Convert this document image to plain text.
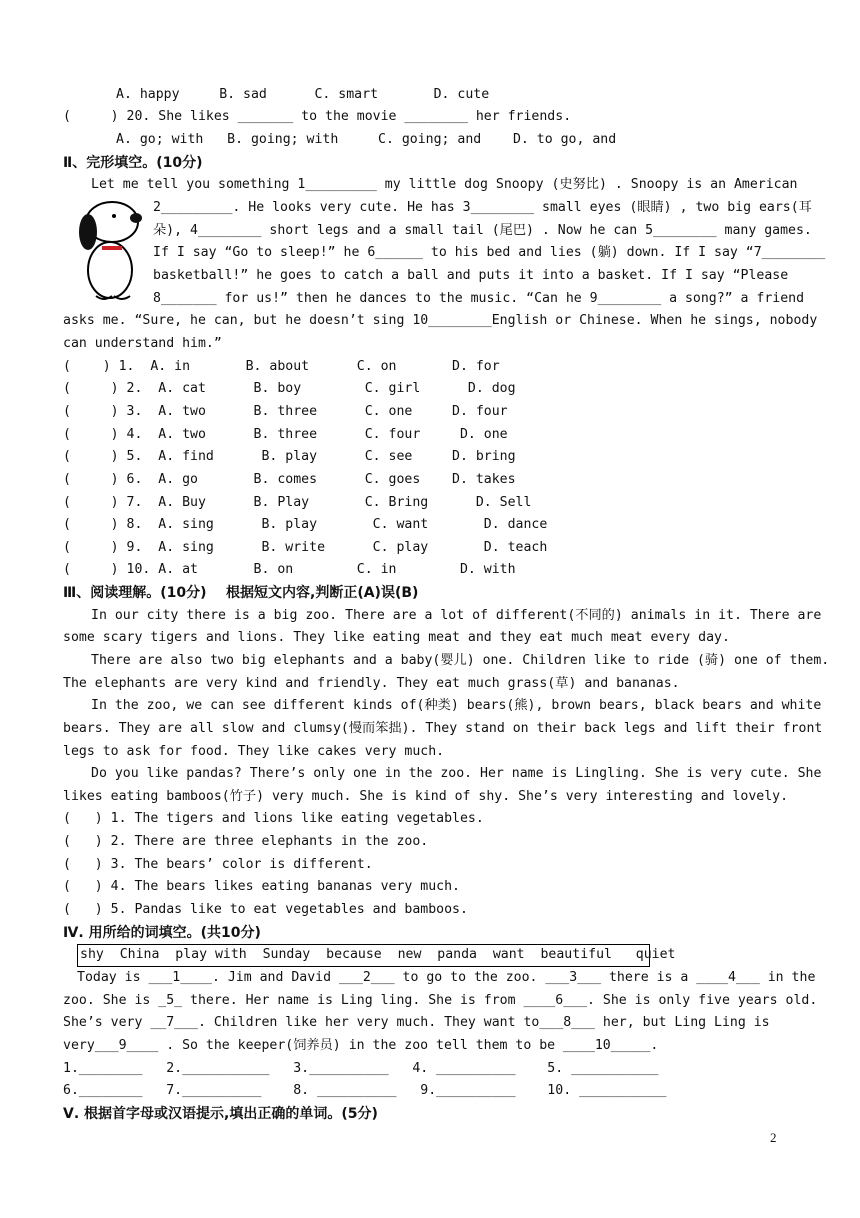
A. happy     B. sad      C. smart       D. cute
(     ) 20. She likes _______ to the movie ________ her friends.
A. go; with   B. going; with     C. going; and    D. to go, and
Ⅱ、完形填空。(10分)
Let me tell you something 1_________ my little dog Snoopy (史努比) . Snoopy is an American
2_________. He looks very cute. He has 3________ small eyes (眼睛) , two big ears(耳
朵), 4________ short legs and a small tail (尾巴) . Now he can 5________ many games.
If I say “Go to sleep!” he 6______ to his bed and lies (躺) down. If I say “7________
basketball!” he goes to catch a ball and puts it into a basket. If I say “Please
8_______ for us!” then he dances to the music. “Can he 9________ a song?” a friend
asks me. “Sure, he can, but he doesn’t sing 10________English or Chinese. When he sings, nobody
can understand him.”
(    ) 1.  A. in       B. about      C. on       D. for
(     ) 2.  A. cat      B. boy        C. girl      D. dog
(     ) 3.  A. two      B. three      C. one     D. four
(     ) 4.  A. two      B. three      C. four     D. one
(     ) 5.  A. find      B. play      C. see     D. bring
(     ) 6.  A. go       B. comes      C. goes    D. takes
(     ) 7.  A. Buy      B. Play       C. Bring      D. Sell
(     ) 8.  A. sing      B. play       C. want       D. dance
(     ) 9.  A. sing      B. write      C. play       D. teach
(     ) 10. A. at       B. on        C. in        D. with
Ⅲ、阅读理解。(10分)    根据短文内容,判断正(A)误(B)
In our city there is a big zoo. There are a lot of different(不同的) animals in it. There are
some scary tigers and lions. They like eating meat and they eat much meat every day.
There are also two big elephants and a baby(婴儿) one. Children like to ride (骑) one of them.
The elephants are very kind and friendly. They eat much grass(草) and bananas.
In the zoo, we can see different kinds of(种类) bears(熊), brown bears, black bears and white
bears. They are all slow and clumsy(慢而笨拙). They stand on their back legs and lift their front
legs to ask for food. They like cakes very much.
Do you like pandas? There’s only one in the zoo. Her name is Lingling. She is very cute. She
likes eating bamboos(竹子) very much. She is kind of shy. She’s very interesting and lovely.
(   ) 1. The tigers and lions like eating vegetables.
(   ) 2. There are three elephants in the zoo.
(   ) 3. The bears’ color is different.
(   ) 4. The bears likes eating bananas very much.
(   ) 5. Pandas like to eat vegetables and bamboos.
Ⅳ. 用所给的词填空。(共10分)
shy  China  play with  Sunday  because  new  panda  want  beautiful   quiet
Today is ___1____. Jim and David ___2___ to go to the zoo. ___3___ there is a ____4___ in the
zoo. She is _5_ there. Her name is Ling ling. She is from ____6___. She is only five years old.
She’s very __7___. Children like her very much. They want to___8___ her, but Ling Ling is
very___9____ . So the keeper(饲养员) in the zoo tell them to be ____10_____.
1.________   2.___________   3.__________   4. __________    5. ___________
6.________   7.__________    8. __________   9.__________    10. ___________
Ⅴ. 根据首字母或汉语提示,填出正确的单词。(5分)
2
